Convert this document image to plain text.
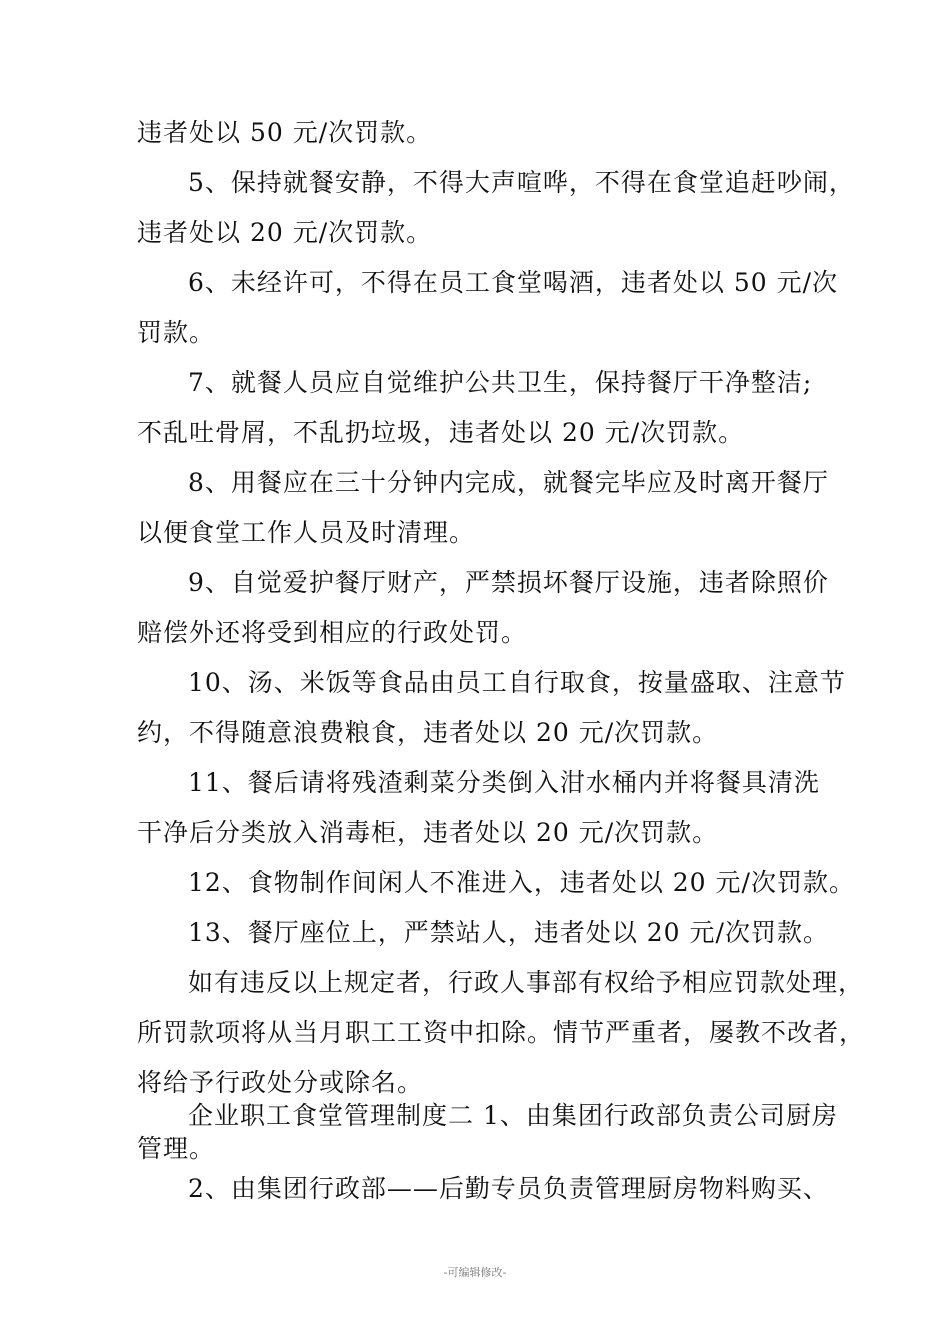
违者处以 50 元/次罚款。
5、保持就餐安静，不得大声喧哗，不得在食堂追赶吵闹，
违者处以 20 元/次罚款。
6、未经许可，不得在员工食堂喝酒，违者处以 50 元/次
罚款。
7、就餐人员应自觉维护公共卫生，保持餐厅干净整洁;
不乱吐骨屑，不乱扔垃圾，违者处以 20 元/次罚款。
8、用餐应在三十分钟内完成，就餐完毕应及时离开餐厅
以便食堂工作人员及时清理。
9、自觉爱护餐厅财产，严禁损坏餐厅设施，违者除照价
赔偿外还将受到相应的行政处罚。
10、汤、米饭等食品由员工自行取食，按量盛取、注意节
约，不得随意浪费粮食，违者处以 20 元/次罚款。
11、餐后请将残渣剩菜分类倒入泔水桶内并将餐具清洗
干净后分类放入消毒柜，违者处以 20 元/次罚款。
12、食物制作间闲人不准进入，违者处以 20 元/次罚款。
13、餐厅座位上，严禁站人，违者处以 20 元/次罚款。
如有违反以上规定者，行政人事部有权给予相应罚款处理，
所罚款项将从当月职工工资中扣除。情节严重者，屡教不改者，
将给予行政处分或除名。
企业职工食堂管理制度二 1、由集团行政部负责公司厨房
管理。
2、由集团行政部——后勤专员负责管理厨房物料购买、
-可编辑修改-
